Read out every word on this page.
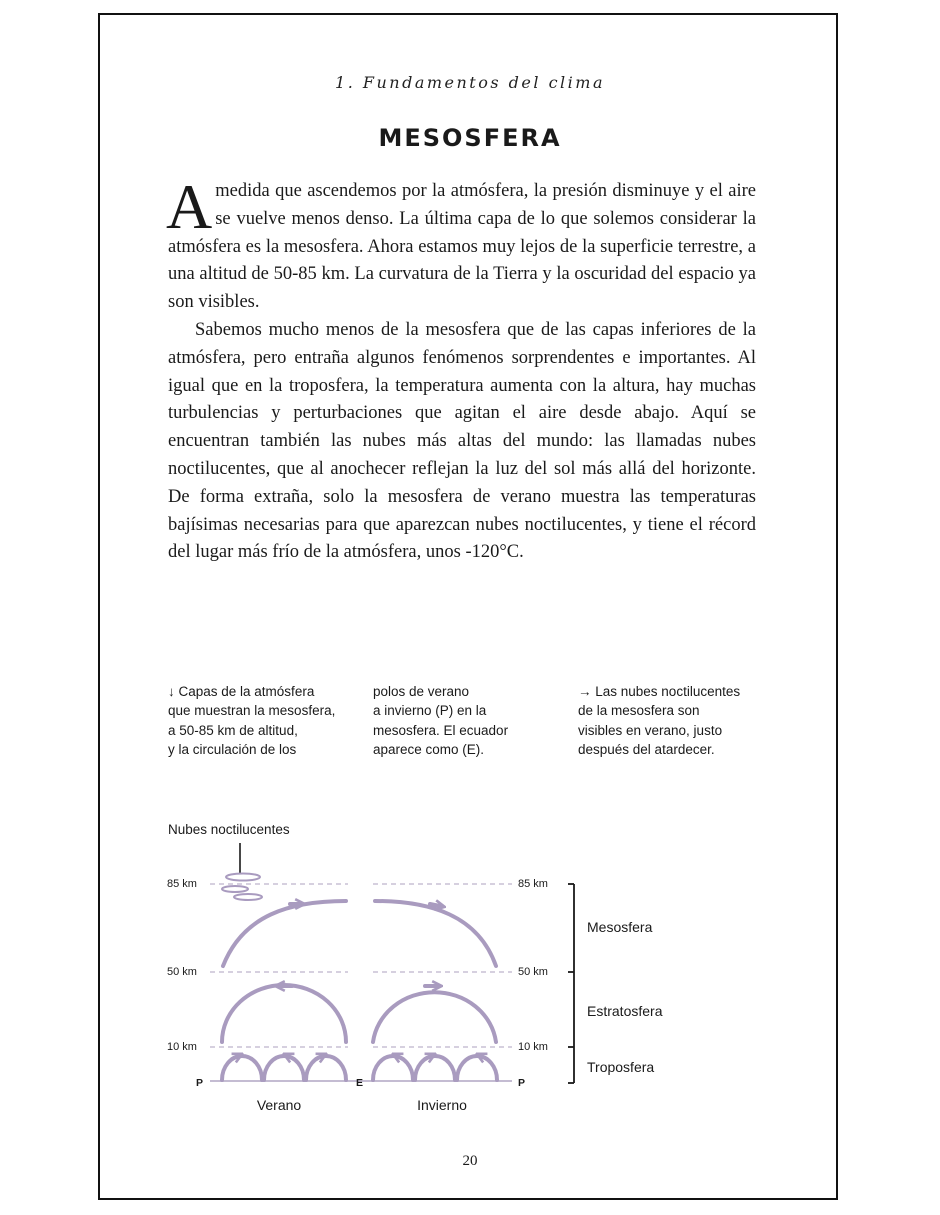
1. Fundamentos del clima
MESOSFERA

Amedida que ascendemos por la atmósfera, la presión disminuye y el aire se vuelve menos denso. La última capa de lo que solemos considerar la atmósfera es la mesosfera. Ahora estamos muy lejos de la superficie terrestre, a una altitud de 50-85 km. La curvatura de la Tierra y la oscuridad del espacio ya son visibles.

Sabemos mucho menos de la mesosfera que de las capas inferiores de la atmósfera, pero entraña algunos fenómenos sorprendentes e importantes. Al igual que en la troposfera, la temperatura aumenta con la altura, hay muchas turbulencias y perturbaciones que agitan el aire desde abajo. Aquí se encuentran también las nubes más altas del mundo: las llamadas nubes noctilucentes, que al anochecer reflejan la luz del sol más allá del horizonte. De forma extraña, solo la mesosfera de verano muestra las temperaturas bajísimas necesarias para que aparezcan nubes noctilucentes, y tiene el récord del lugar más frío de la atmósfera, unos -120°C.

↓ Capas de la atmósfera
que muestran la mesosfera,
a 50-85 km de altitud,
y la circulación de los
polos de verano
a invierno (P) en la
mesosfera. El ecuador
aparece como (E).
→ Las nubes noctilucentes
de la mesosfera son
visibles en verano, justo
después del atardecer.
Nubes noctilucentes
85 km
50 km
10 km
85 km
50 km
10 km
P	E	P
Verano	Invierno
Mesosfera
Estratosfera
Troposfera
20
